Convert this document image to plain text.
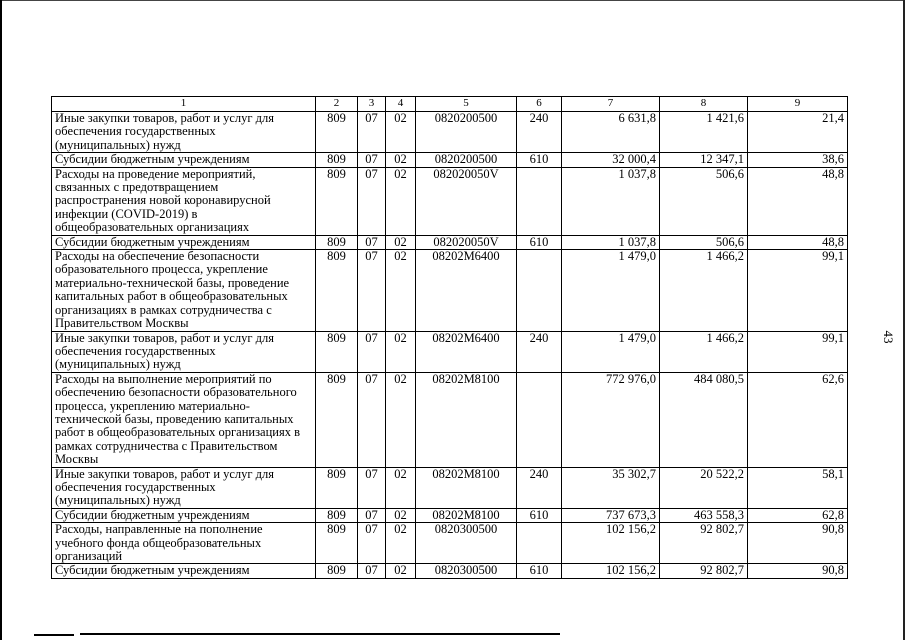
1	2	3	4	5	6	7	8	9
Иные закупки товаров, работ и услуг для обеспечения государственных (муниципальных) нужд	809	07	02	0820200500	240	6 631,8	1 421,6	21,4
Субсидии бюджетным учреждениям	809	07	02	0820200500	610	32 000,4	12 347,1	38,6
Расходы на проведение мероприятий, связанных с предотвращением распространения новой коронавирусной инфекции (COVID-2019) в общеобразовательных организациях	809	07	02	082020050V		1 037,8	506,6	48,8
Субсидии бюджетным учреждениям	809	07	02	082020050V	610	1 037,8	506,6	48,8
Расходы на обеспечение безопасности образовательного процесса, укрепление материально-технической базы, проведение капитальных работ в общеобразовательных организациях в рамках сотрудничества с Правительством Москвы	809	07	02	08202М6400		1 479,0	1 466,2	99,1
Иные закупки товаров, работ и услуг для обеспечения государственных (муниципальных) нужд	809	07	02	08202М6400	240	1 479,0	1 466,2	99,1
Расходы на выполнение мероприятий по обеспечению безопасности образовательного процесса, укреплению материально-технической базы, проведению капитальных работ в общеобразовательных организациях в рамках сотрудничества с Правительством Москвы	809	07	02	08202М8100		772 976,0	484 080,5	62,6
Иные закупки товаров, работ и услуг для обеспечения государственных (муниципальных) нужд	809	07	02	08202М8100	240	35 302,7	20 522,2	58,1
Субсидии бюджетным учреждениям	809	07	02	08202М8100	610	737 673,3	463 558,3	62,8
Расходы, направленные на пополнение учебного фонда общеобразовательных организаций	809	07	02	0820300500		102 156,2	92 802,7	90,8
Субсидии бюджетным учреждениям	809	07	02	0820300500	610	102 156,2	92 802,7	90,8
43
